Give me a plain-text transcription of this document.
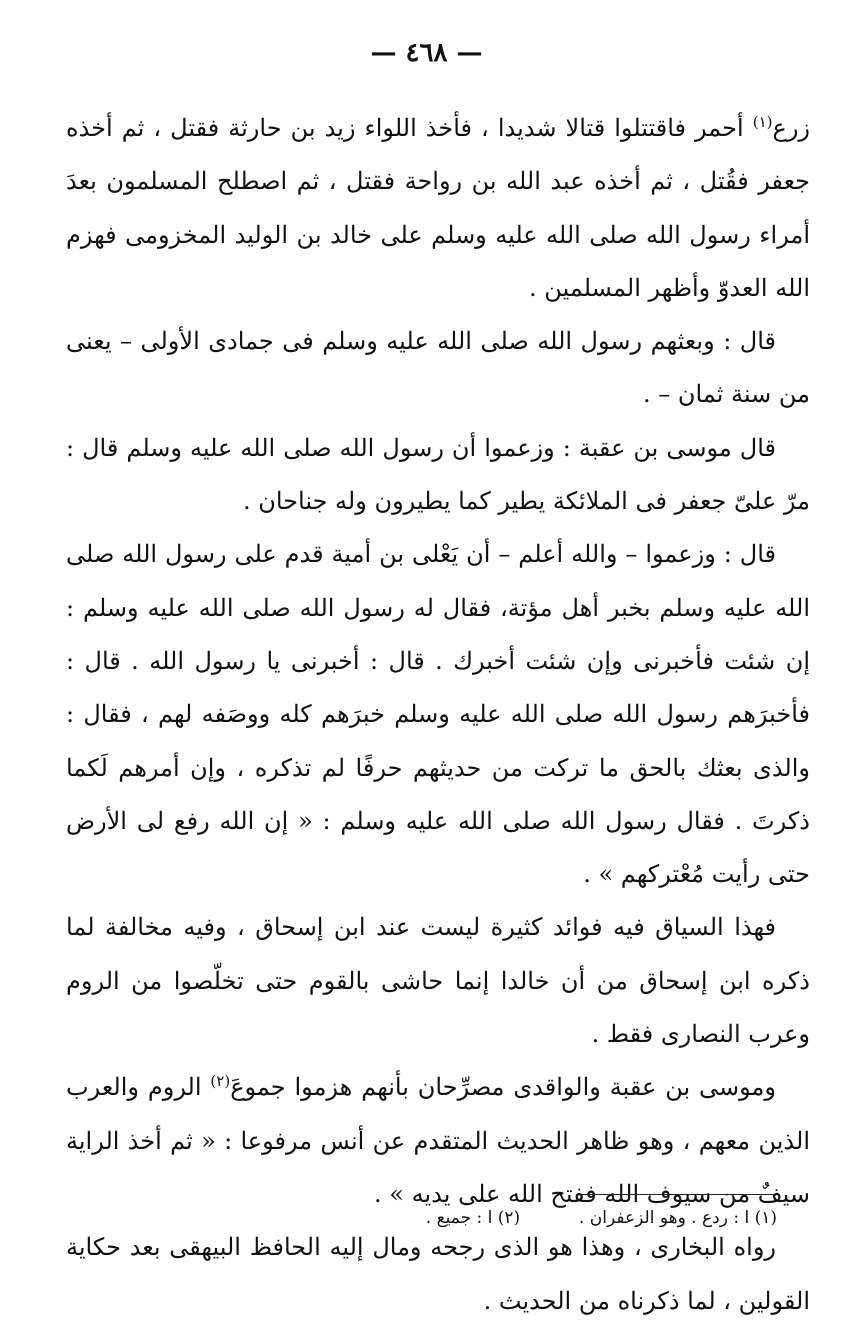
— ٤٦٨ —

زرع$^{(١)}$ أحمر فاقتتلوا قتالا شديدا ، فأخذ اللواء زيد بن حارثة فقتل ، ثم أخذه جعفر فقُتل ، ثم أخذه عبد الله بن رواحة فقتل ، ثم اصطلح المسلمون بعدَ أمراء رسول الله صلى الله عليه وسلم على خالد بن الوليد المخزومى فهزم الله العدوّ وأظهر المسلمين .

قال : وبعثهم رسول الله صلى الله عليه وسلم فى جمادى الأولى – يعنى من سنة ثمان – .

قال موسى بن عقبة : وزعموا أن رسول الله صلى الله عليه وسلم قال : مرّ علىّ جعفر فى الملائكة يطير كما يطيرون وله جناحان .

قال : وزعموا – والله أعلم – أن يَعْلى بن أمية قدم على رسول الله صلى الله عليه وسلم بخبر أهل مؤتة، فقال له رسول الله صلى الله عليه وسلم : إن شئت فأخبرنى وإن شئت أخبرك . قال : أخبرنى يا رسول الله . قال : فأخبرَهم رسول الله صلى الله عليه وسلم خبرَهم كله ووصَفه لهم ، فقال : والذى بعثك بالحق ما تركت من حديثهم حرفًا لم تذكره ، وإن أمرهم لَكما ذكرتَ . فقال رسول الله صلى الله عليه وسلم : « إن الله رفع لى الأرض حتى رأيت مُعْتركهم » .

فهذا السياق فيه فوائد كثيرة ليست عند ابن إسحاق ، وفيه مخالفة لما ذكره ابن إسحاق من أن خالدا إنما حاشى بالقوم حتى تخلّصوا من الروم وعرب النصارى فقط .

وموسى بن عقبة والواقدى مصرِّحان بأنهم هزموا جموعَ$^{(٢)}$ الروم والعرب الذين معهم ، وهو ظاهر الحديث المتقدم عن أنس مرفوعا : « ثم أخذ الراية سيفٌ من سيوف الله ففتح الله على يديه » .

رواه البخارى ، وهذا هو الذى رجحه ومال إليه الحافظ البيهقى بعد حكاية القولين ، لما ذكرناه من الحديث .

(١) ا : ردع . وهو الزعفران .  (٢) ا : جميع .
